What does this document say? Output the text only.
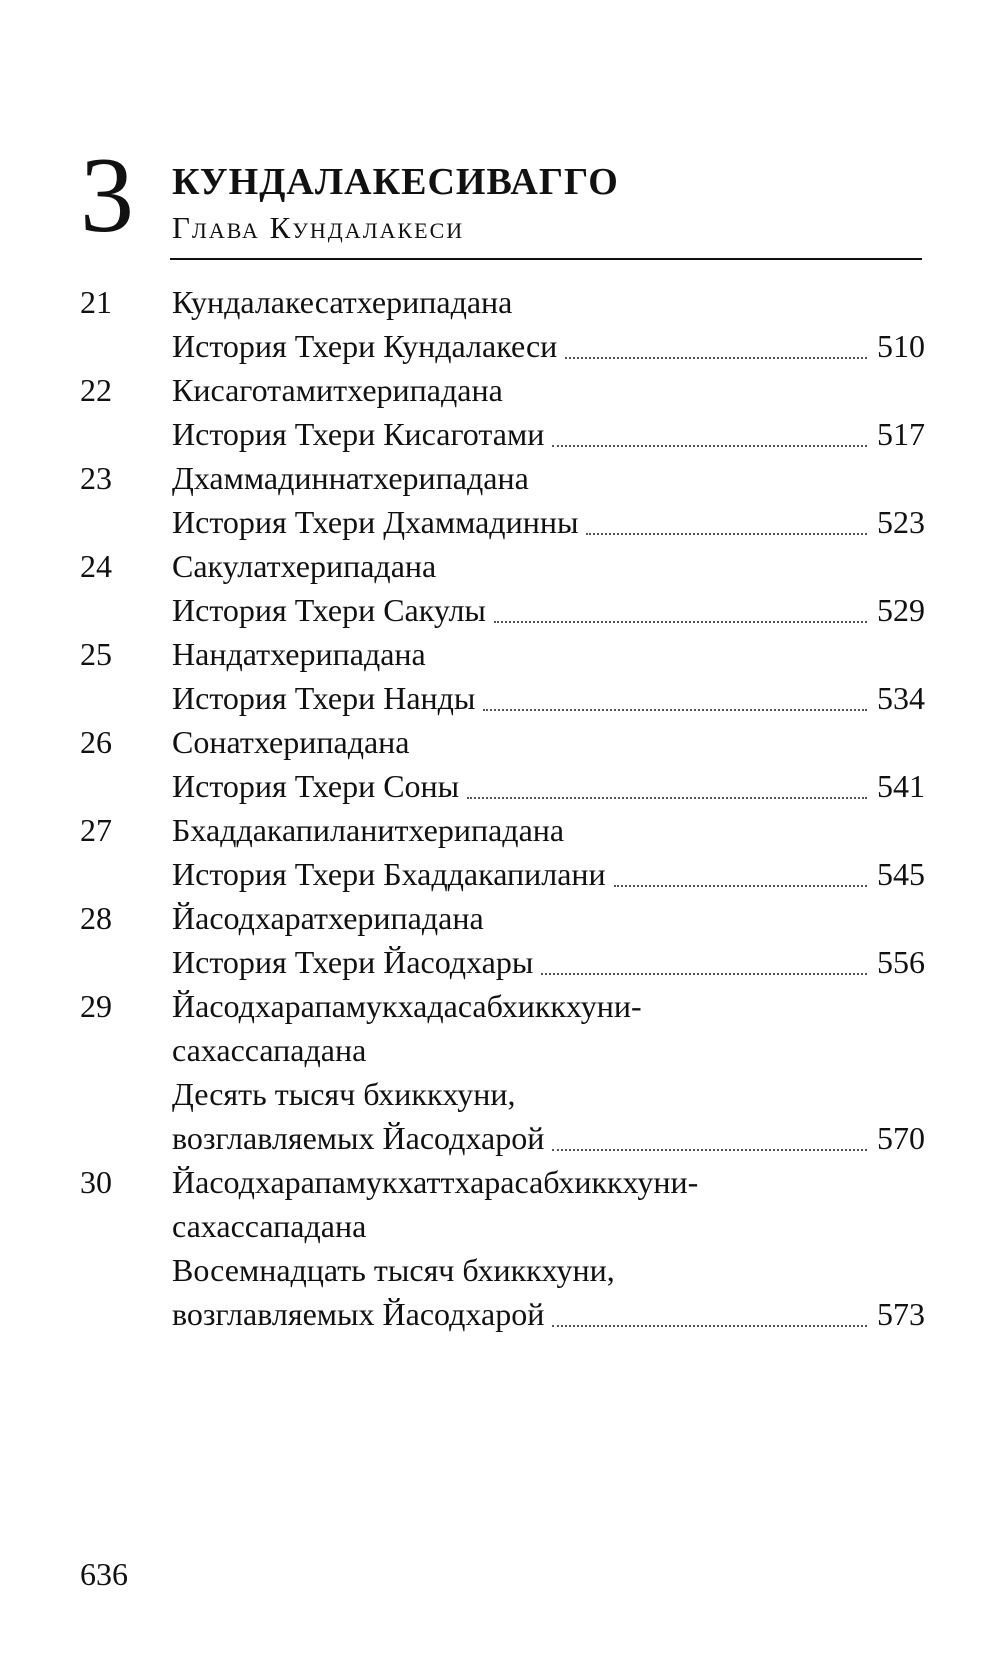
3 КУНДАЛАКЕСИВАГГО
Глава Кундалакеси
21 Кундалакесатхерипадана
История Тхери Кундалакеси	510
22 Кисаготамитхерипадана
История Тхери Кисаготами	517
23 Дхаммадиннатхерипадана
История Тхери Дхаммадинны	523
24 Сакулатхерипадана
История Тхери Сакулы	529
25 Нандатхерипадана
История Тхери Нанды	534
26 Сонатхерипадана
История Тхери Соны	541
27 Бхаддакапиланитхерипадана
История Тхери Бхаддакапилани	545
28 Йасодхаратхерипадана
История Тхери Йасодхары	556
29 Йасодхарапамукхадасабхиккхуни-
сахассападана
Десять тысяч бхиккхуни,
возглавляемых Йасодхарой	570
30 Йасодхарапамукхаттхарасабхиккхуни-
сахассападана
Восемнадцать тысяч бхиккхуни,
возглавляемых Йасодхарой	573
636
